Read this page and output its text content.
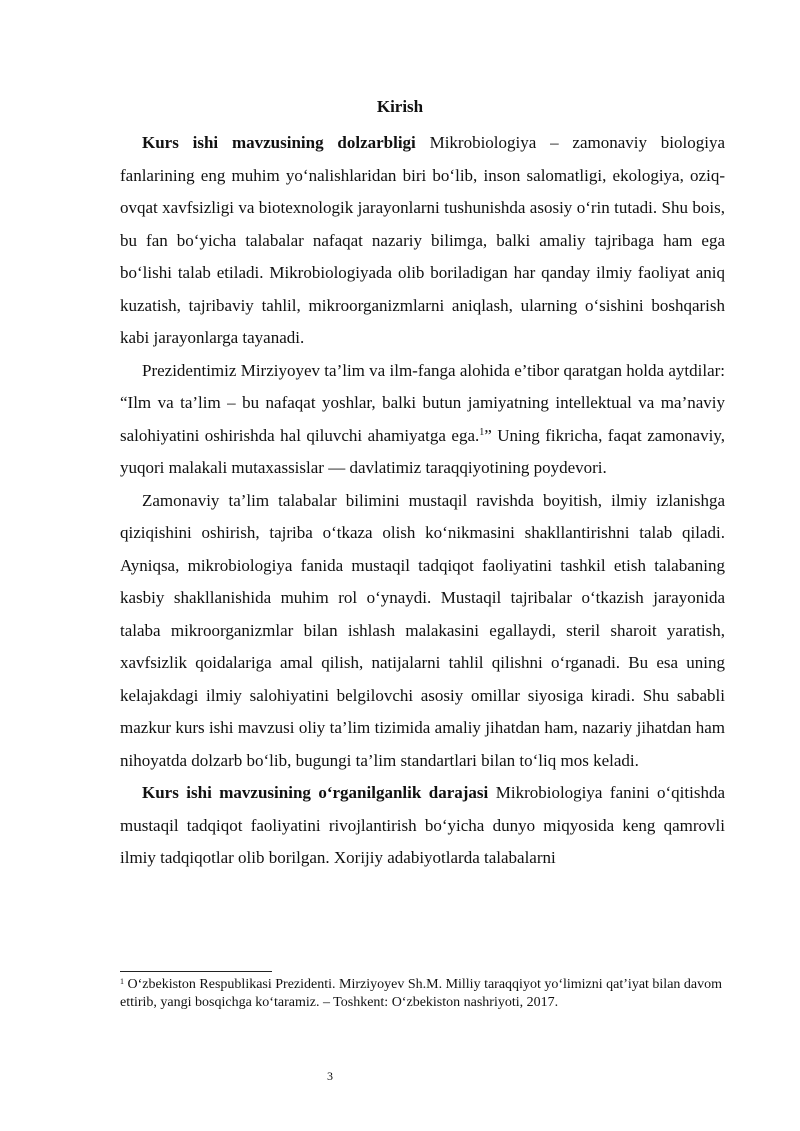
Kirish

Kurs ishi mavzusining dolzarbligi Mikrobiologiya – zamonaviy biologiya fanlarining eng muhim yo‘nalishlaridan biri bo‘lib, inson salomatligi, ekologiya, oziq-ovqat xavfsizligi va biotexnologik jarayonlarni tushunishda asosiy o‘rin tutadi. Shu bois, bu fan bo‘yicha talabalar nafaqat nazariy bilimga, balki amaliy tajribaga ham ega bo‘lishi talab etiladi. Mikrobiologiyada olib boriladigan har qanday ilmiy faoliyat aniq kuzatish, tajribaviy tahlil, mikroorganizmlarni aniqlash, ularning o‘sishini boshqarish kabi jarayonlarga tayanadi.

Prezidentimiz Mirziyoyev ta’lim va ilm-fanga alohida e’tibor qaratgan holda aytdilar: “Ilm va ta’lim – bu nafaqat yoshlar, balki butun jamiyatning intellektual va ma’naviy salohiyatini oshirishda hal qiluvchi ahamiyatga ega.$^1$” Uning fikricha, faqat zamonaviy, yuqori malakali mutaxassislar — davlatimiz taraqqiyotining poydevori.

Zamonaviy ta’lim talabalar bilimini mustaqil ravishda boyitish, ilmiy izlanishga qiziqishini oshirish, tajriba o‘tkaza olish ko‘nikmasini shakllantirishni talab qiladi. Ayniqsa, mikrobiologiya fanida mustaqil tadqiqot faoliyatini tashkil etish talabaning kasbiy shakllanishida muhim rol o‘ynaydi. Mustaqil tajribalar o‘tkazish jarayonida talaba mikroorganizmlar bilan ishlash malakasini egallaydi, steril sharoit yaratish, xavfsizlik qoidalariga amal qilish, natijalarni tahlil qilishni o‘rganadi. Bu esa uning kelajakdagi ilmiy salohiyatini belgilovchi asosiy omillar siyosiga kiradi. Shu sababli mazkur kurs ishi mavzusi oliy ta’lim tizimida amaliy jihatdan ham, nazariy jihatdan ham nihoyatda dolzarb bo‘lib, bugungi ta’lim standartlari bilan to‘liq mos keladi.

Kurs ishi mavzusining o‘rganilganlik darajasi Mikrobiologiya fanini o‘qitishda mustaqil tadqiqot faoliyatini rivojlantirish bo‘yicha dunyo miqyosida keng qamrovli ilmiy tadqiqotlar olib borilgan. Xorijiy adabiyotlarda talabalarni

$^1$ O‘zbekiston Respublikasi Prezidenti. Mirziyoyev Sh.M. Milliy taraqqiyot yo‘limizni qat’iyat bilan davom ettirib, yangi bosqichga ko‘taramiz. – Toshkent: O‘zbekiston nashriyoti, 2017.

3
